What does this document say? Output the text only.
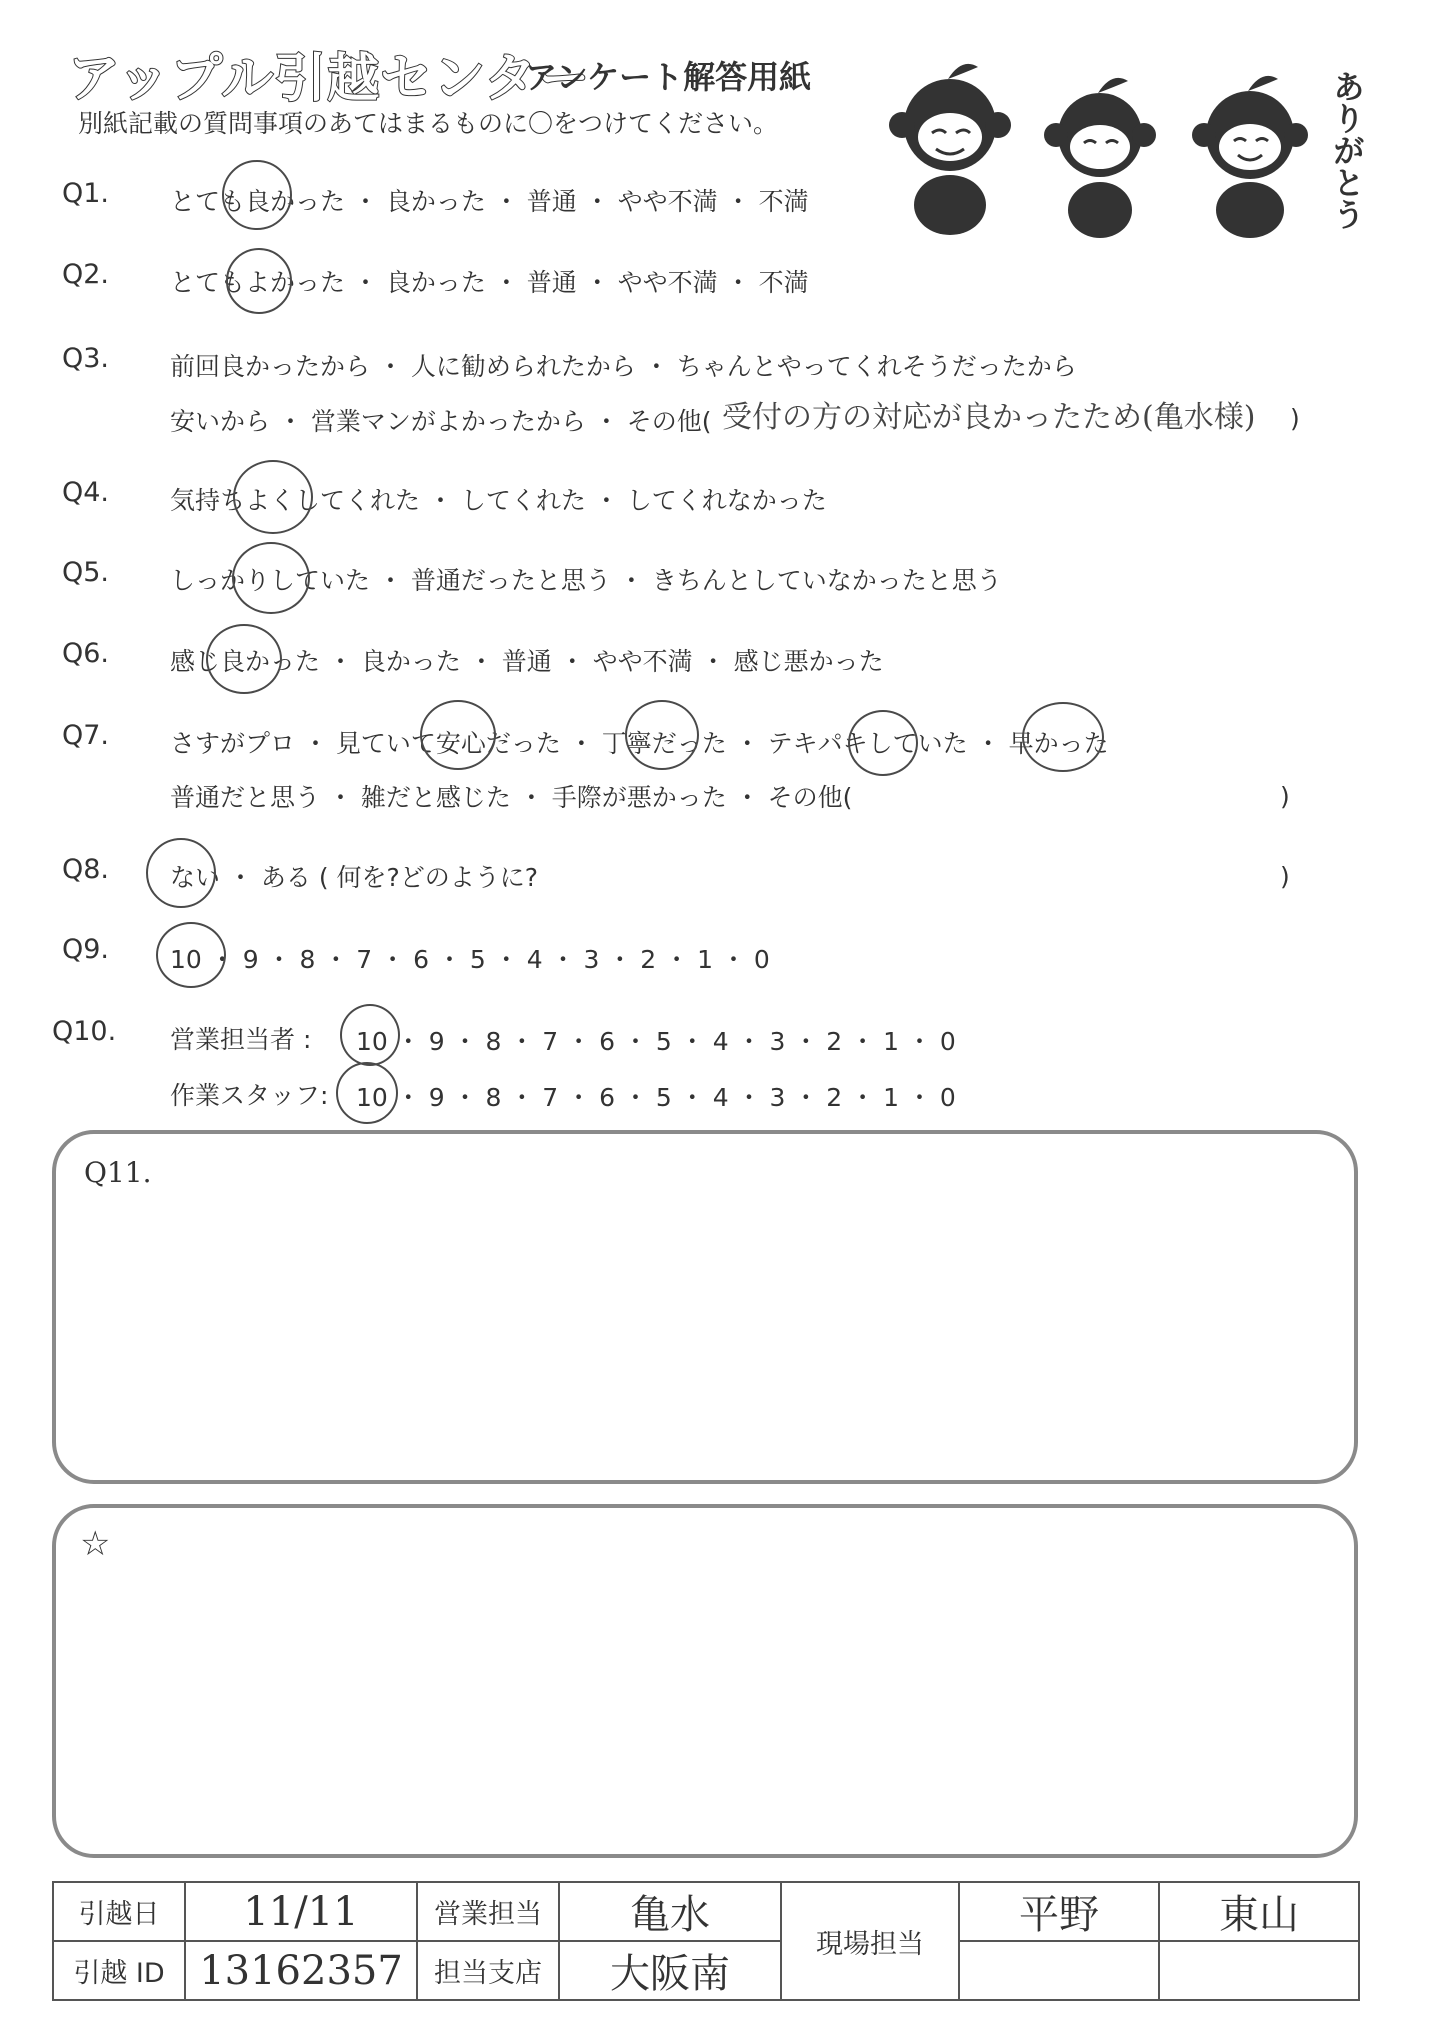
アップル引越センター
アンケート解答用紙
別紙記載の質問事項のあてはまるものに〇をつけてください。	ありがとう
Q1. とても良かった ・ 良かった ・ 普通 ・ やや不満 ・ 不満
Q2. とてもよかった ・ 良かった ・ 普通 ・ やや不満 ・ 不満
Q3. 前回良かったから ・ 人に勧められたから ・ ちゃんとやってくれそうだったから
安いから ・ 営業マンがよかったから ・ その他( 受付の方の対応が良かったため(亀水様) )
Q4. 気持ちよくしてくれた ・ してくれた ・ してくれなかった
Q5. しっかりしていた ・ 普通だったと思う ・ きちんとしていなかったと思う
Q6. 感じ良かった ・ 良かった ・ 普通 ・ やや不満 ・ 感じ悪かった
Q7. さすがプロ ・ 見ていて安心だった ・ 丁寧だった ・ テキパキしていた ・ 早かった
普通だと思う ・ 雑だと感じた ・ 手際が悪かった ・ その他(	)
Q8. ない ・ ある ( 何を?どのように?	)
Q9. 10 ・ 9 ・ 8 ・ 7 ・ 6 ・ 5 ・ 4 ・ 3 ・ 2 ・ 1 ・ 0
Q10. 営業担当者 : 10 ・ 9 ・ 8 ・ 7 ・ 6 ・ 5 ・ 4 ・ 3 ・ 2 ・ 1 ・ 0
作業スタッフ: 10 ・ 9 ・ 8 ・ 7 ・ 6 ・ 5 ・ 4 ・ 3 ・ 2 ・ 1 ・ 0
Q11.
☆
引越日	11/11	営業担当	亀水	現場担当	平野	東山
引越 ID	13162357	担当支店	大阪南			
